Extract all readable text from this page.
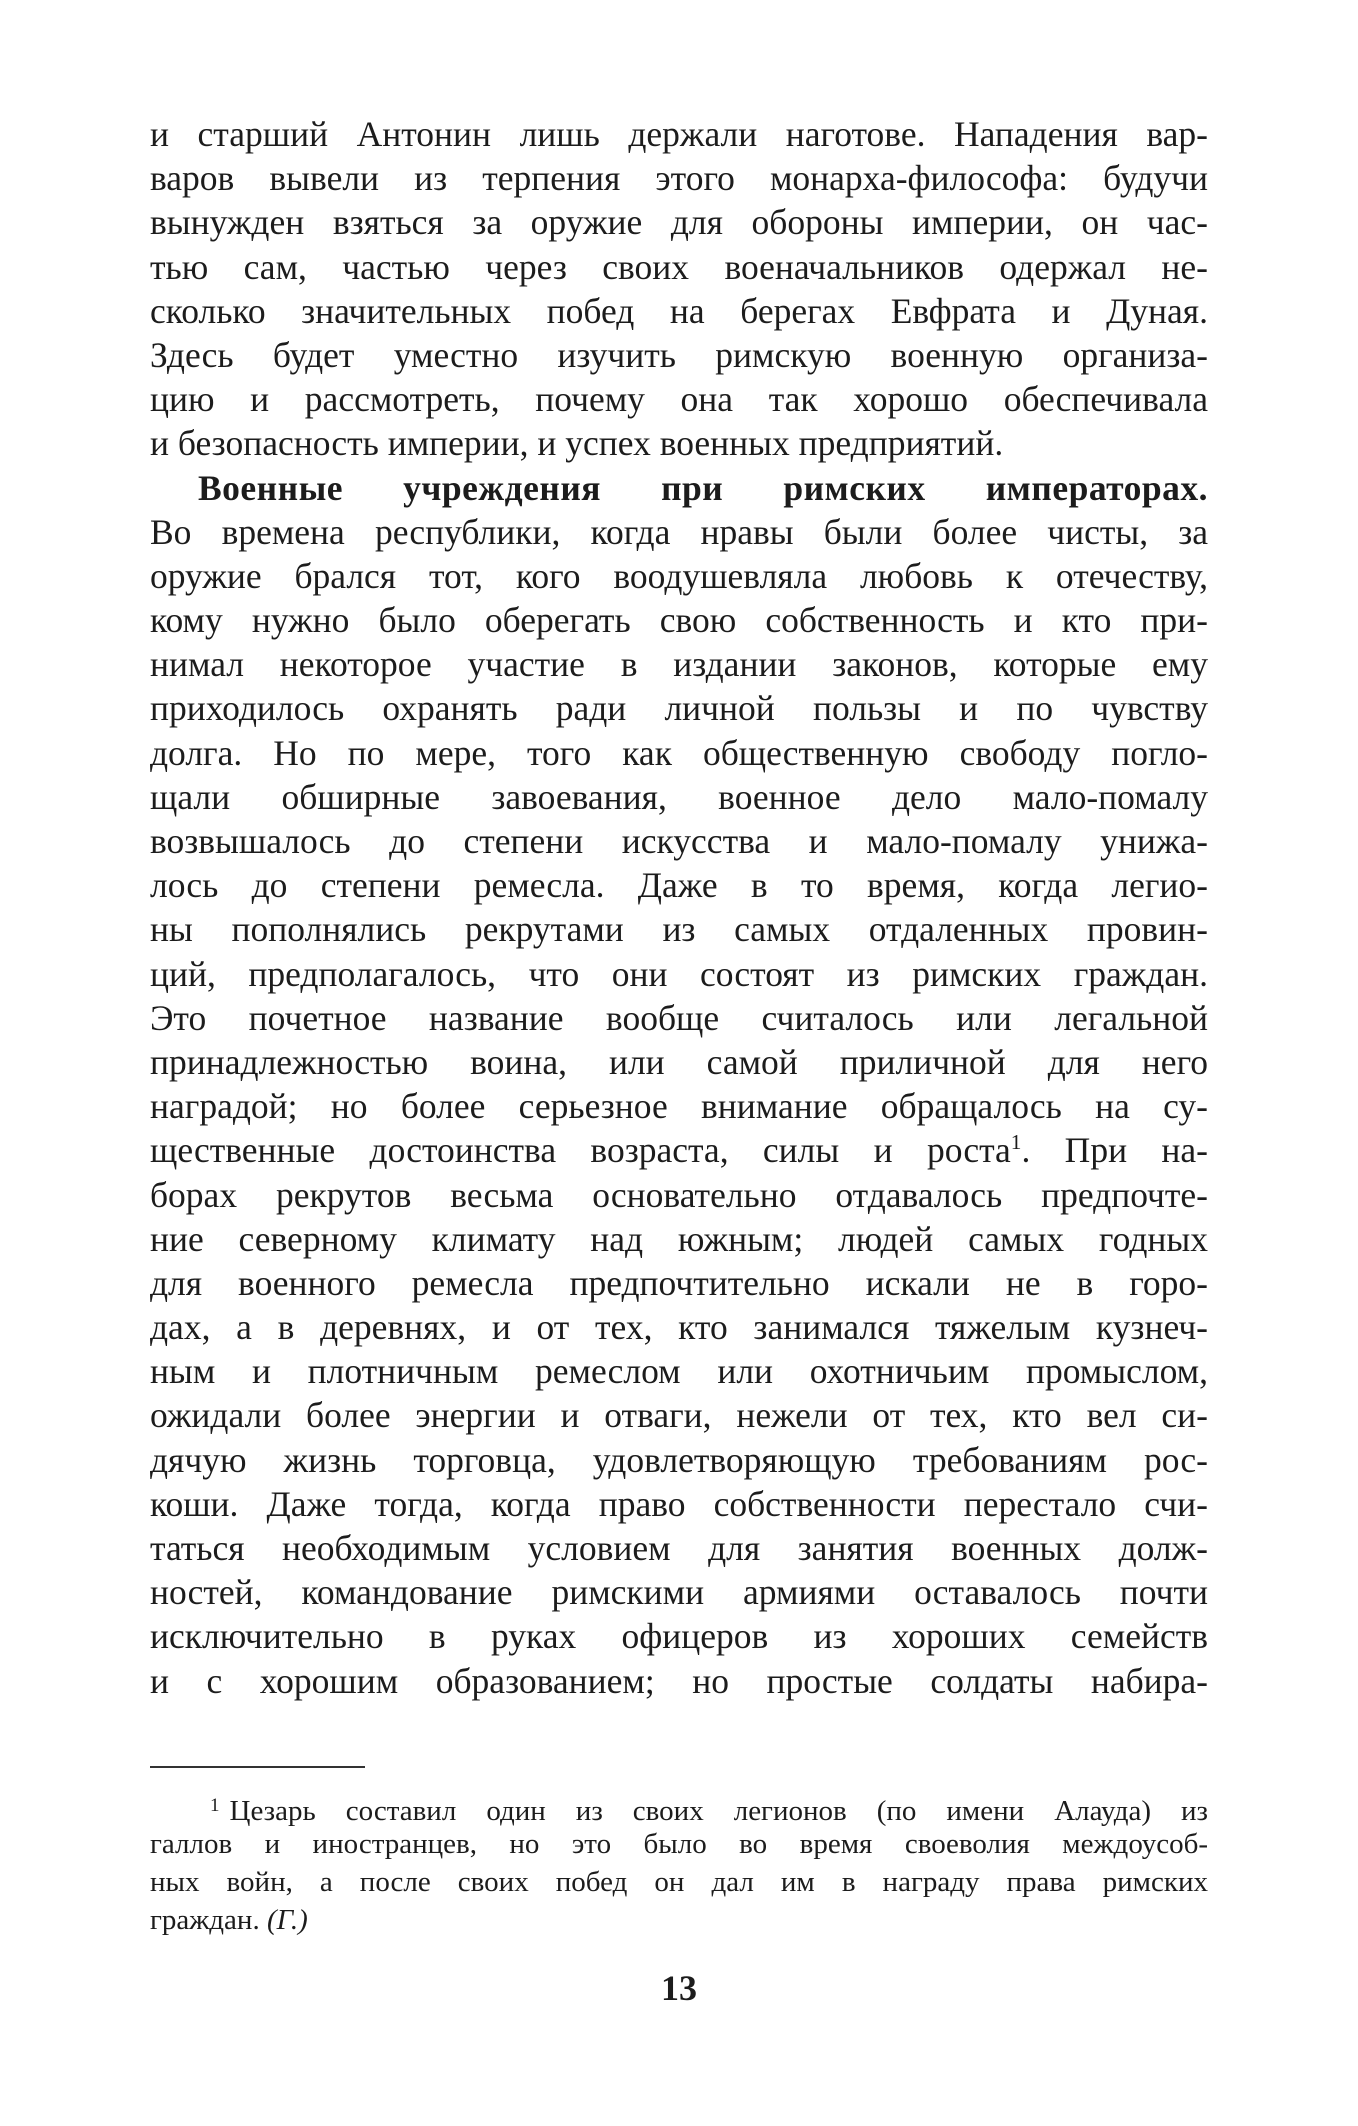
и старший Антонин лишь держали наготове. Нападения вар-
варов вывели из терпения этого монарха-философа: будучи
вынужден взяться за оружие для обороны империи, он час-
тью сам, частью через своих военачальников одержал не-
сколько значительных побед на берегах Евфрата и Дуная.
Здесь будет уместно изучить римскую военную организа-
цию и рассмотреть, почему она так хорошо обеспечивала
и безопасность империи, и успех военных предприятий.
Военные учреждения при римских императорах.
Во времена республики, когда нравы были более чисты, за
оружие брался тот, кого воодушевляла любовь к отечеству,
кому нужно было оберегать свою собственность и кто при-
нимал некоторое участие в издании законов, которые ему
приходилось охранять ради личной пользы и по чувству
долга. Но по мере, того как общественную свободу погло-
щали обширные завоевания, военное дело мало-помалу
возвышалось до степени искусства и мало-помалу унижа-
лось до степени ремесла. Даже в то время, когда легио-
ны пополнялись рекрутами из самых отдаленных провин-
ций, предполагалось, что они состоят из римских граждан.
Это почетное название вообще считалось или легальной
принадлежностью воина, или самой приличной для него
наградой; но более серьезное внимание обращалось на су-
щественные достоинства возраста, силы и роста$^1$. При на-
борах рекрутов весьма основательно отдавалось предпочте-
ние северному климату над южным; людей самых годных
для военного ремесла предпочтительно искали не в горо-
дах, а в деревнях, и от тех, кто занимался тяжелым кузнеч-
ным и плотничным ремеслом или охотничьим промыслом,
ожидали более энергии и отваги, нежели от тех, кто вел си-
дячую жизнь торговца, удовлетворяющую требованиям рос-
коши. Даже тогда, когда право собственности перестало счи-
таться необходимым условием для занятия военных долж-
ностей, командование римскими армиями оставалось почти
исключительно в руках офицеров из хороших семейств
и с хорошим образованием; но простые солдаты набира-
$^1$ Цезарь составил один из своих легионов (по имени Алауда) из
галлов и иностранцев, но это было во время своеволия междоусоб-
ных войн, а после своих побед он дал им в награду права римских
граждан. (Г.)
13
